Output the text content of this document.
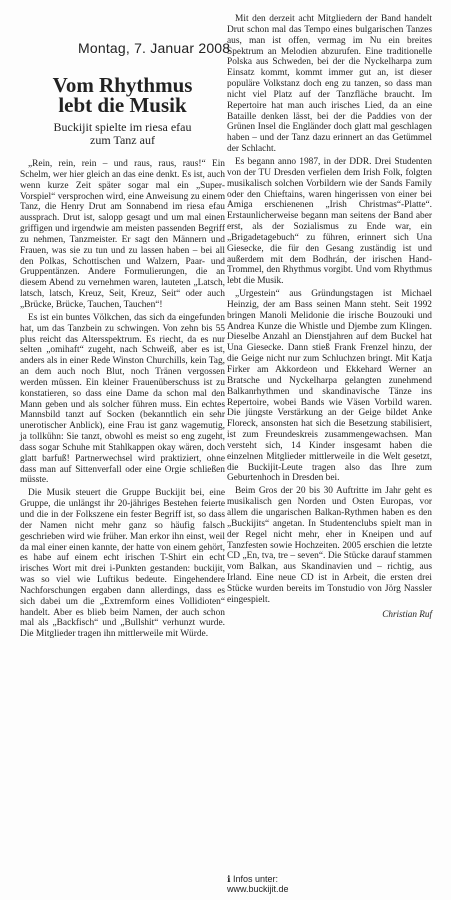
Montag, 7. Januar 2008
Vom Rhythmus
lebt die Musik
Buckijit spielte im riesa efau
zum Tanz auf

„Rein, rein, rein – und raus, raus, raus!“ Ein Schelm, wer hier gleich an das eine denkt. Es ist, auch wenn kurze Zeit später sogar mal ein „Super-Vorspiel“ versprochen wird, eine Anweisung zu einem Tanz, die Henry Drut am Sonnabend im riesa efau aussprach. Drut ist, salopp gesagt und um mal einen griffigen und irgendwie am meisten passenden Begriff zu nehmen, Tanzmeister. Er sagt den Männern und Frauen, was sie zu tun und zu lassen haben – bei all den Polkas, Schottischen und Walzern, Paar- und Gruppentänzen. Andere Formulierungen, die an diesem Abend zu vernehmen waren, lauteten „Latsch, latsch, latsch, Kreuz, Seit, Kreuz, Seit“ oder auch „Brücke, Brücke, Tauchen, Tauchen“!

Es ist ein buntes Völkchen, das sich da eingefunden hat, um das Tanzbein zu schwingen. Von zehn bis 55 plus reicht das Altersspektrum. Es riecht, da es nur selten „omihaft“ zugeht, nach Schweiß, aber es ist, anders als in einer Rede Winston Churchills, kein Tag, an dem auch noch Blut, noch Tränen vergossen werden müssen. Ein kleiner Frauenüberschuss ist zu konstatieren, so dass eine Dame da schon mal den Mann geben und als solcher führen muss. Ein echtes Mannsbild tanzt auf Socken (bekanntlich ein sehr unerotischer Anblick), eine Frau ist ganz wagemutig, ja tollkühn: Sie tanzt, obwohl es meist so eng zugeht, dass sogar Schuhe mit Stahlkappen okay wären, doch glatt barfuß! Partnerwechsel wird praktiziert, ohne dass man auf Sittenverfall oder eine Orgie schließen müsste.

Die Musik steuert die Gruppe Buckijit bei, eine Gruppe, die unlängst ihr 20-jähriges Bestehen feierte und die in der Folkszene ein fester Begriff ist, so dass der Namen nicht mehr ganz so häufig falsch geschrieben wird wie früher. Man erkor ihn einst, weil da mal einer einen kannte, der hatte von einem gehört, es habe auf einem echt irischen T-Shirt ein echt irisches Wort mit drei i-Punkten gestanden: buckijit, was so viel wie Luftikus bedeute. Eingehendere Nachforschungen ergaben dann allerdings, dass es sich dabei um die „Extremform eines Vollidioten“ handelt. Aber es blieb beim Namen, der auch schon mal als „Backfisch“ und „Bullshit“ verhunzt wurde. Die Mitglieder tragen ihn mittlerweile mit Würde.

Mit den derzeit acht Mitgliedern der Band handelt Drut schon mal das Tempo eines bulgarischen Tanzes aus, man ist offen, vermag im Nu ein breites Spektrum an Melodien abzurufen. Eine traditionelle Polska aus Schweden, bei der die Nyckelharpa zum Einsatz kommt, kommt immer gut an, ist dieser populäre Volkstanz doch eng zu tanzen, so dass man nicht viel Platz auf der Tanzfläche braucht. Im Repertoire hat man auch irisches Lied, da an eine Bataille denken lässt, bei der die Paddies von der Grünen Insel die Engländer doch glatt mal geschlagen haben – und der Tanz dazu erinnert an das Getümmel der Schlacht.

Es begann anno 1987, in der DDR. Drei Studenten von der TU Dresden verfielen dem Irish Folk, folgten musikalisch solchen Vorbildern wie der Sands Family oder den Chieftains, waren hingerissen von einer bei Amiga erschienenen „Irish Christmas“-Platte“. Erstaunlicherweise begann man seitens der Band aber erst, als der Sozialismus zu Ende war, ein „Brigadetagebuch“ zu führen, erinnert sich Una Giesecke, die für den Gesang zuständig ist und außerdem mit dem Bodhrán, der irischen Hand-Trommel, den Rhythmus vorgibt. Und vom Rhythmus lebt die Musik.

„Urgestein“ aus Gründungstagen ist Michael Heinzig, der am Bass seinen Mann steht. Seit 1992 bringen Manoli Melidonie die irische Bouzouki und Andrea Kunze die Whistle und Djembe zum Klingen. Dieselbe Anzahl an Dienstjahren auf dem Buckel hat Una Giesecke. Dann stieß Frank Frenzel hinzu, der die Geige nicht nur zum Schluchzen bringt. Mit Katja Firker am Akkordeon und Ekkehard Werner an Bratsche und Nyckelharpa gelangten zunehmend Balkanrhythmen und skandinavische Tänze ins Repertoire, wobei Bands wie Väsen Vorbild waren. Die jüngste Verstärkung an der Geige bildet Anke Floreck, ansonsten hat sich die Besetzung stabilisiert, ist zum Freundeskreis zusammengewachsen. Man versteht sich, 14 Kinder insgesamt haben die einzelnen Mitglieder mittlerweile in die Welt gesetzt, die Buckijit-Leute tragen also das Ihre zum Geburtenhoch in Dresden bei.

Beim Gros der 20 bis 30 Auftritte im Jahr geht es musikalisch gen Norden und Osten Europas, vor allem die ungarischen Balkan-Rythmen haben es den „Buckijits“ angetan. In Studentenclubs spielt man in der Regel nicht mehr, eher in Kneipen und auf Tanzfesten sowie Hochzeiten. 2005 erschien die letzte CD „En, tva, tre – seven“. Die Stücke darauf stammen vom Balkan, aus Skandinavien und – richtig, aus Irland. Eine neue CD ist in Arbeit, die ersten drei Stücke wurden bereits im Tonstudio von Jörg Nassler eingespielt.

Christian Ruf
ℹ Infos unter:
www.buckijit.de
